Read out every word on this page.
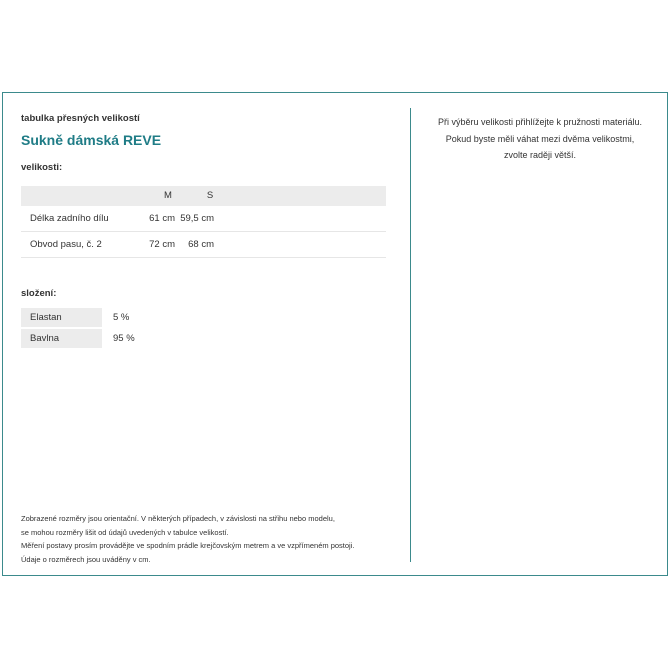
tabulka přesných velikostí

Sukně dámská REVE

velikosti:
M	S
Délka zadního dílu	61 cm 59,5 cm
Obvod pasu, č. 2	72 cm	68 cm
složení:
Elastan	5 %
Bavlna	95 %
Zobrazené rozměry jsou orientační. V některých případech, v závislosti na střihu nebo modelu,
se mohou rozměry lišit od údajů uvedených v tabulce velikostí.
Měření postavy prosím provádějte ve spodním prádle krejčovským metrem a ve vzpřímeném postoji.
Údaje o rozměrech jsou uváděny v cm.
Při výběru velikosti přihlížejte k pružnosti materiálu.
Pokud byste měli váhat mezi dvěma velikostmi,
zvolte raději větší.
